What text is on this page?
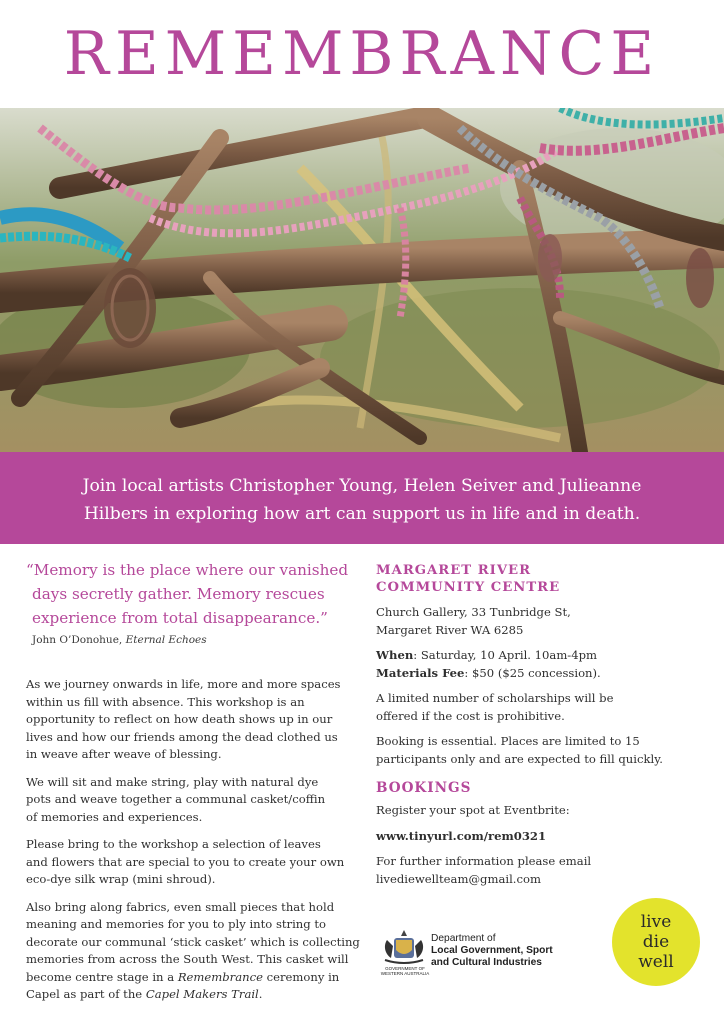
REMEMBRANCE
Join local artists Christopher Young, Helen Seiver and Julieanne
Hilbers in exploring how art can support us in life and in death.
“Memory is the place where our vanished
days secretly gather. Memory rescues
experience from total disappearance.”
John O’Donohue, Eternal Echoes
As we journey onwards in life, more and more spaces
within us fill with absence. This workshop is an
opportunity to reflect on how death shows up in our
lives and how our friends among the dead clothed us
in weave after weave of blessing.
We will sit and make string, play with natural dye
pots and weave together a communal casket/coffin
of memories and experiences.
Please bring to the workshop a selection of leaves
and flowers that are special to you to create your own
eco-dye silk wrap (mini shroud).
Also bring along fabrics, even small pieces that hold
meaning and memories for you to ply into string to
decorate our communal ‘stick casket’ which is collecting
memories from across the South West. This casket will
become centre stage in a Remembrance ceremony in
Capel as part of the Capel Makers Trail.
MARGARET RIVER
COMMUNITY CENTRE
Church Gallery, 33 Tunbridge St,
Margaret River WA 6285
When: Saturday, 10 April. 10am-4pm
Materials Fee: $50 ($25 concession).
A limited number of scholarships will be
offered if the cost is prohibitive.
Booking is essential. Places are limited to 15
participants only and are expected to fill quickly.
BOOKINGS
Register your spot at Eventbrite:
www.tinyurl.com/rem0321
For further information please email
livediewellteam@gmail.com
GOVERNMENT OF
WESTERN AUSTRALIA
Department of
Local Government, Sport
and Cultural Industries
live
die
well
